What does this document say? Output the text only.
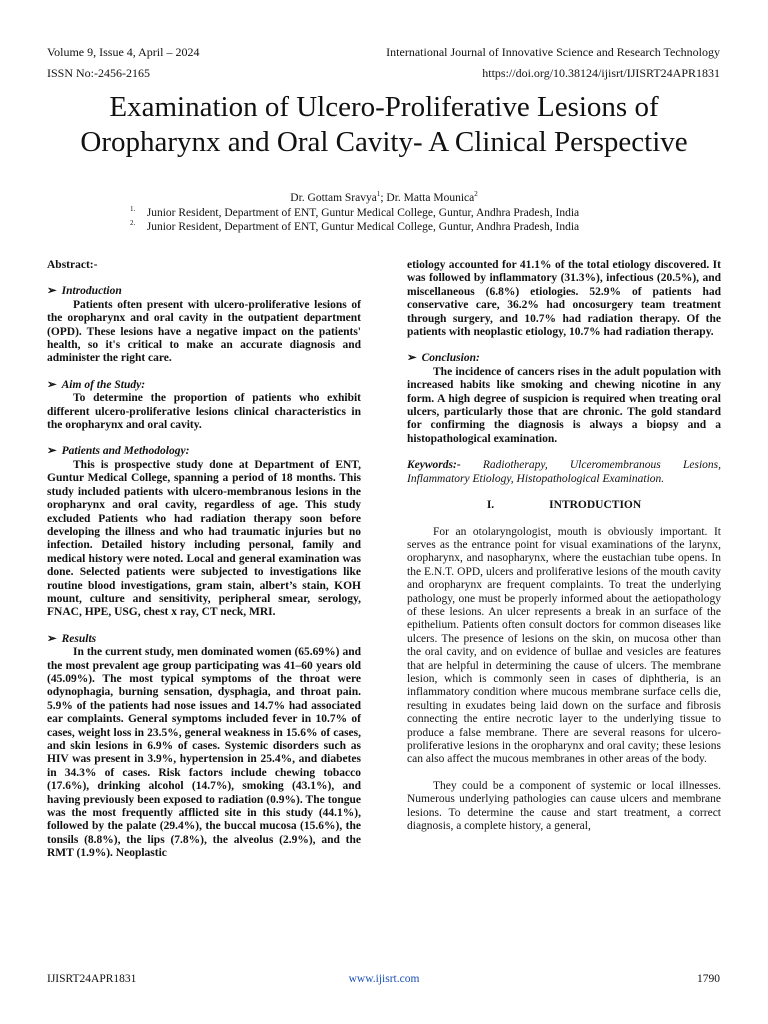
Volume 9, Issue 4, April – 2024
ISSN No:-2456-2165
International Journal of Innovative Science and Research Technology
https://doi.org/10.38124/ijisrt/IJISRT24APR1831
Examination of Ulcero-Proliferative Lesions of
Oropharynx and Oral Cavity- A Clinical Perspective
Dr. Gottam Sravya$^1$; Dr. Matta Mounica$^2$
$^{1.}$ Junior Resident, Department of ENT, Guntur Medical College, Guntur, Andhra Pradesh, India
$^{2.}$ Junior Resident, Department of ENT, Guntur Medical College, Guntur, Andhra Pradesh, India
Abstract:-
➢ Introduction
Patients often present with ulcero-proliferative lesions of the oropharynx and oral cavity in the outpatient department (OPD). These lesions have a negative impact on the patients' health, so it's critical to make an accurate diagnosis and administer the right care.
➢ Aim of the Study:
To determine the proportion of patients who exhibit different ulcero-proliferative lesions clinical characteristics in the oropharynx and oral cavity.
➢ Patients and Methodology:
This is prospective study done at Department of ENT, Guntur Medical College, spanning a period of 18 months. This study included patients with ulcero-membranous lesions in the oropharynx and oral cavity, regardless of age. This study excluded Patients who had radiation therapy soon before developing the illness and who had traumatic injuries but no infection. Detailed history including personal, family and medical history were noted. Local and general examination was done. Selected patients were subjected to investigations like routine blood investigations, gram stain, albert’s stain, KOH mount, culture and sensitivity, peripheral smear, serology, FNAC, HPE, USG, chest x ray, CT neck, MRI.
➢ Results
In the current study, men dominated women (65.69%) and the most prevalent age group participating was 41–60 years old (45.09%). The most typical symptoms of the throat were odynophagia, burning sensation, dysphagia, and throat pain. 5.9% of the patients had nose issues and 14.7% had associated ear complaints. General symptoms included fever in 10.7% of cases, weight loss in 23.5%, general weakness in 15.6% of cases, and skin lesions in 6.9% of cases. Systemic disorders such as HIV was present in 3.9%, hypertension in 25.4%, and diabetes in 34.3% of cases. Risk factors include chewing tobacco (17.6%), drinking alcohol (14.7%), smoking (43.1%), and having previously been exposed to radiation (0.9%). The tongue was the most frequently afflicted site in this study (44.1%), followed by the palate (29.4%), the buccal mucosa (15.6%), the tonsils (8.8%), the lips (7.8%), the alveolus (2.9%), and the RMT (1.9%). Neoplastic
etiology accounted for 41.1% of the total etiology discovered. It was followed by inflammatory (31.3%), infectious (20.5%), and miscellaneous (6.8%) etiologies. 52.9% of patients had conservative care, 36.2% had oncosurgery team treatment through surgery, and 10.7% had radiation therapy. Of the patients with neoplastic etiology, 10.7% had radiation therapy.
➢ Conclusion:
The incidence of cancers rises in the adult population with increased habits like smoking and chewing nicotine in any form. A high degree of suspicion is required when treating oral ulcers, particularly those that are chronic. The gold standard for confirming the diagnosis is always a biopsy and a histopathological examination.
Keywords:- Radiotherapy, Ulceromembranous Lesions, Inflammatory Etiology, Histopathological Examination.
I.	INTRODUCTION
For an otolaryngologist, mouth is obviously important. It serves as the entrance point for visual examinations of the larynx, oropharynx, and nasopharynx, where the eustachian tube opens. In the E.N.T. OPD, ulcers and proliferative lesions of the mouth cavity and oropharynx are frequent complaints. To treat the underlying pathology, one must be properly informed about the aetiopathology of these lesions. An ulcer represents a break in an surface of the epithelium. Patients often consult doctors for common diseases like ulcers. The presence of lesions on the skin, on mucosa other than the oral cavity, and on evidence of bullae and vesicles are features that are helpful in determining the cause of ulcers. The membrane lesion, which is commonly seen in cases of diphtheria, is an inflammatory condition where mucous membrane surface cells die, resulting in exudates being laid down on the surface and fibrosis connecting the entire necrotic layer to the underlying tissue to produce a false membrane. There are several reasons for ulcero-proliferative lesions in the oropharynx and oral cavity; these lesions can also affect the mucous membranes in other areas of the body.
They could be a component of systemic or local illnesses. Numerous underlying pathologies can cause ulcers and membrane lesions. To determine the cause and start treatment, a correct diagnosis, a complete history, a general,
IJISRT24APR1831	www.ijisrt.com	1790
